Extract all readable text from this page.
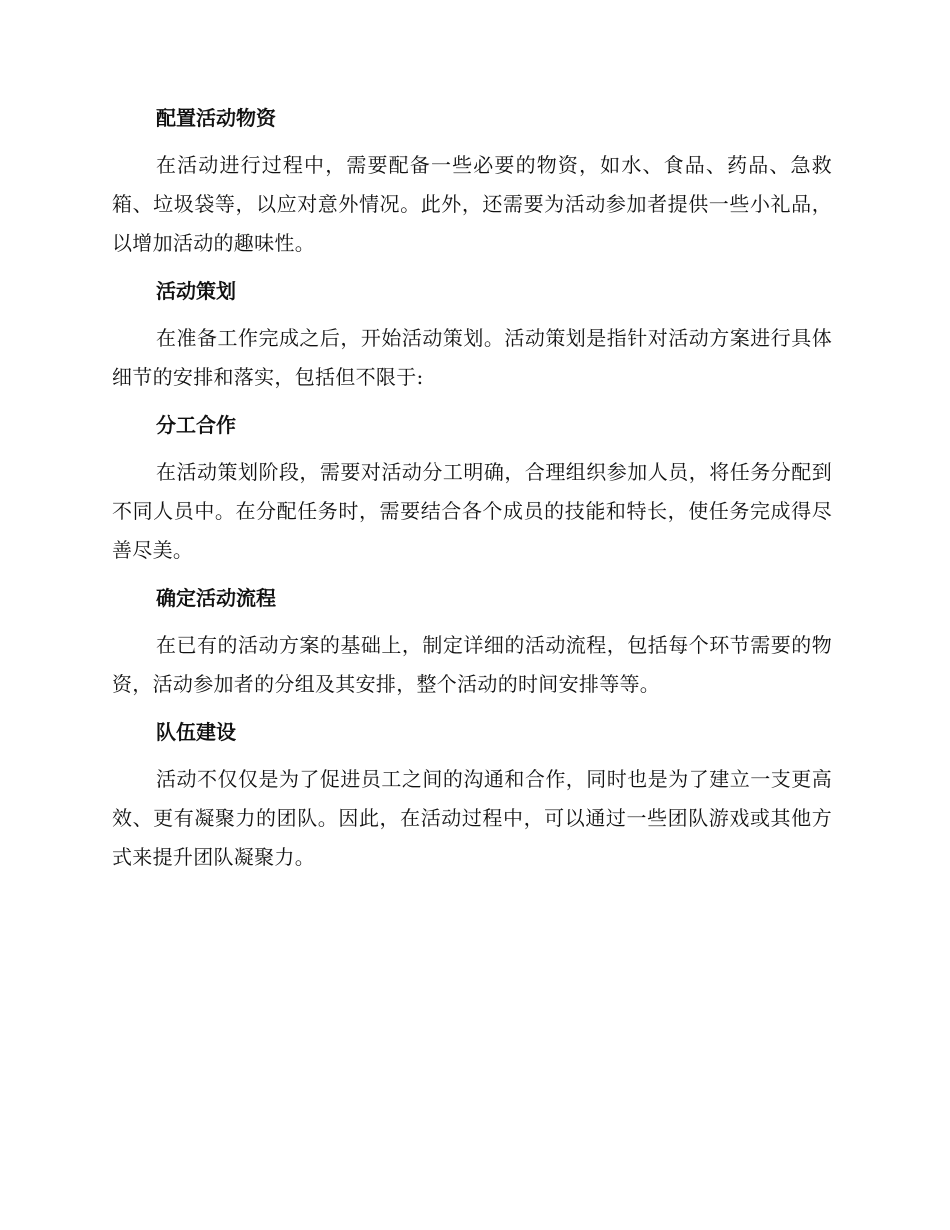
配置活动物资

在活动进行过程中，需要配备一些必要的物资，如水、食品、药品、急救箱、垃圾袋等，以应对意外情况。此外，还需要为活动参加者提供一些小礼品，以增加活动的趣味性。

活动策划

在准备工作完成之后，开始活动策划。活动策划是指针对活动方案进行具体细节的安排和落实，包括但不限于:

分工合作

在活动策划阶段，需要对活动分工明确，合理组织参加人员，将任务分配到不同人员中。在分配任务时，需要结合各个成员的技能和特长，使任务完成得尽善尽美。

确定活动流程

在已有的活动方案的基础上，制定详细的活动流程，包括每个环节需要的物资，活动参加者的分组及其安排，整个活动的时间安排等等。

队伍建设

活动不仅仅是为了促进员工之间的沟通和合作，同时也是为了建立一支更高效、更有凝聚力的团队。因此，在活动过程中，可以通过一些团队游戏或其他方式来提升团队凝聚力。
